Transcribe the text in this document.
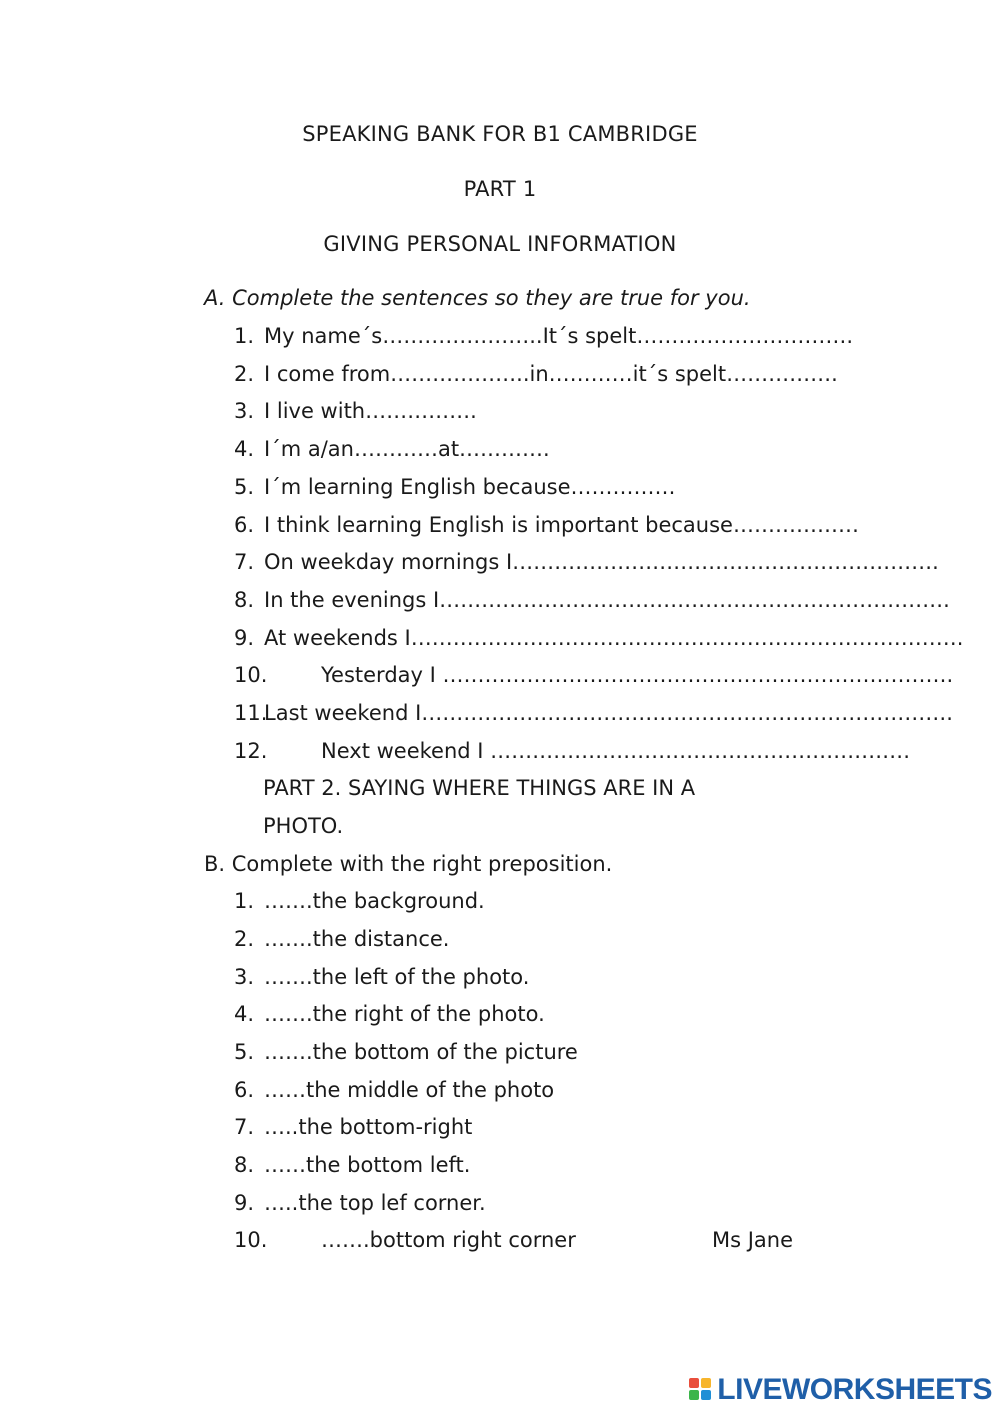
SPEAKING BANK FOR B1 CAMBRIDGE
PART 1
GIVING PERSONAL INFORMATION
A. Complete the sentences so they are true for you.
1. My name´s…………………..It´s spelt………………………….
2. I come from………………..in…………it´s spelt…………….
3. I live with…………….
4. I´m a/an…………at………….
5. I´m learning English because……………
6. I think learning English is important because………………
7. On weekday mornings I…………………………………………………….
8. In the evenings I……………………………………………………………….
9. At weekends I…………………………………………………………………….
10.	Yesterday I ……………………………………………………………….
11.Last weekend I………………………………………………………………….
12.	Next weekend I ……………………………………………………
PART 2. SAYING WHERE THINGS ARE IN A
PHOTO.
B. Complete with the right preposition.
1. …….the background.
2. …….the distance.
3. …….the left of the photo.
4. …….the right of the photo.
5. …….the bottom of the picture
6. ……the middle of the photo
7. …..the bottom-right
8. ……the bottom left.
9. …..the top lef corner.
10.	…….bottom right corner	Ms Jane
LIVEWORKSHEETS
